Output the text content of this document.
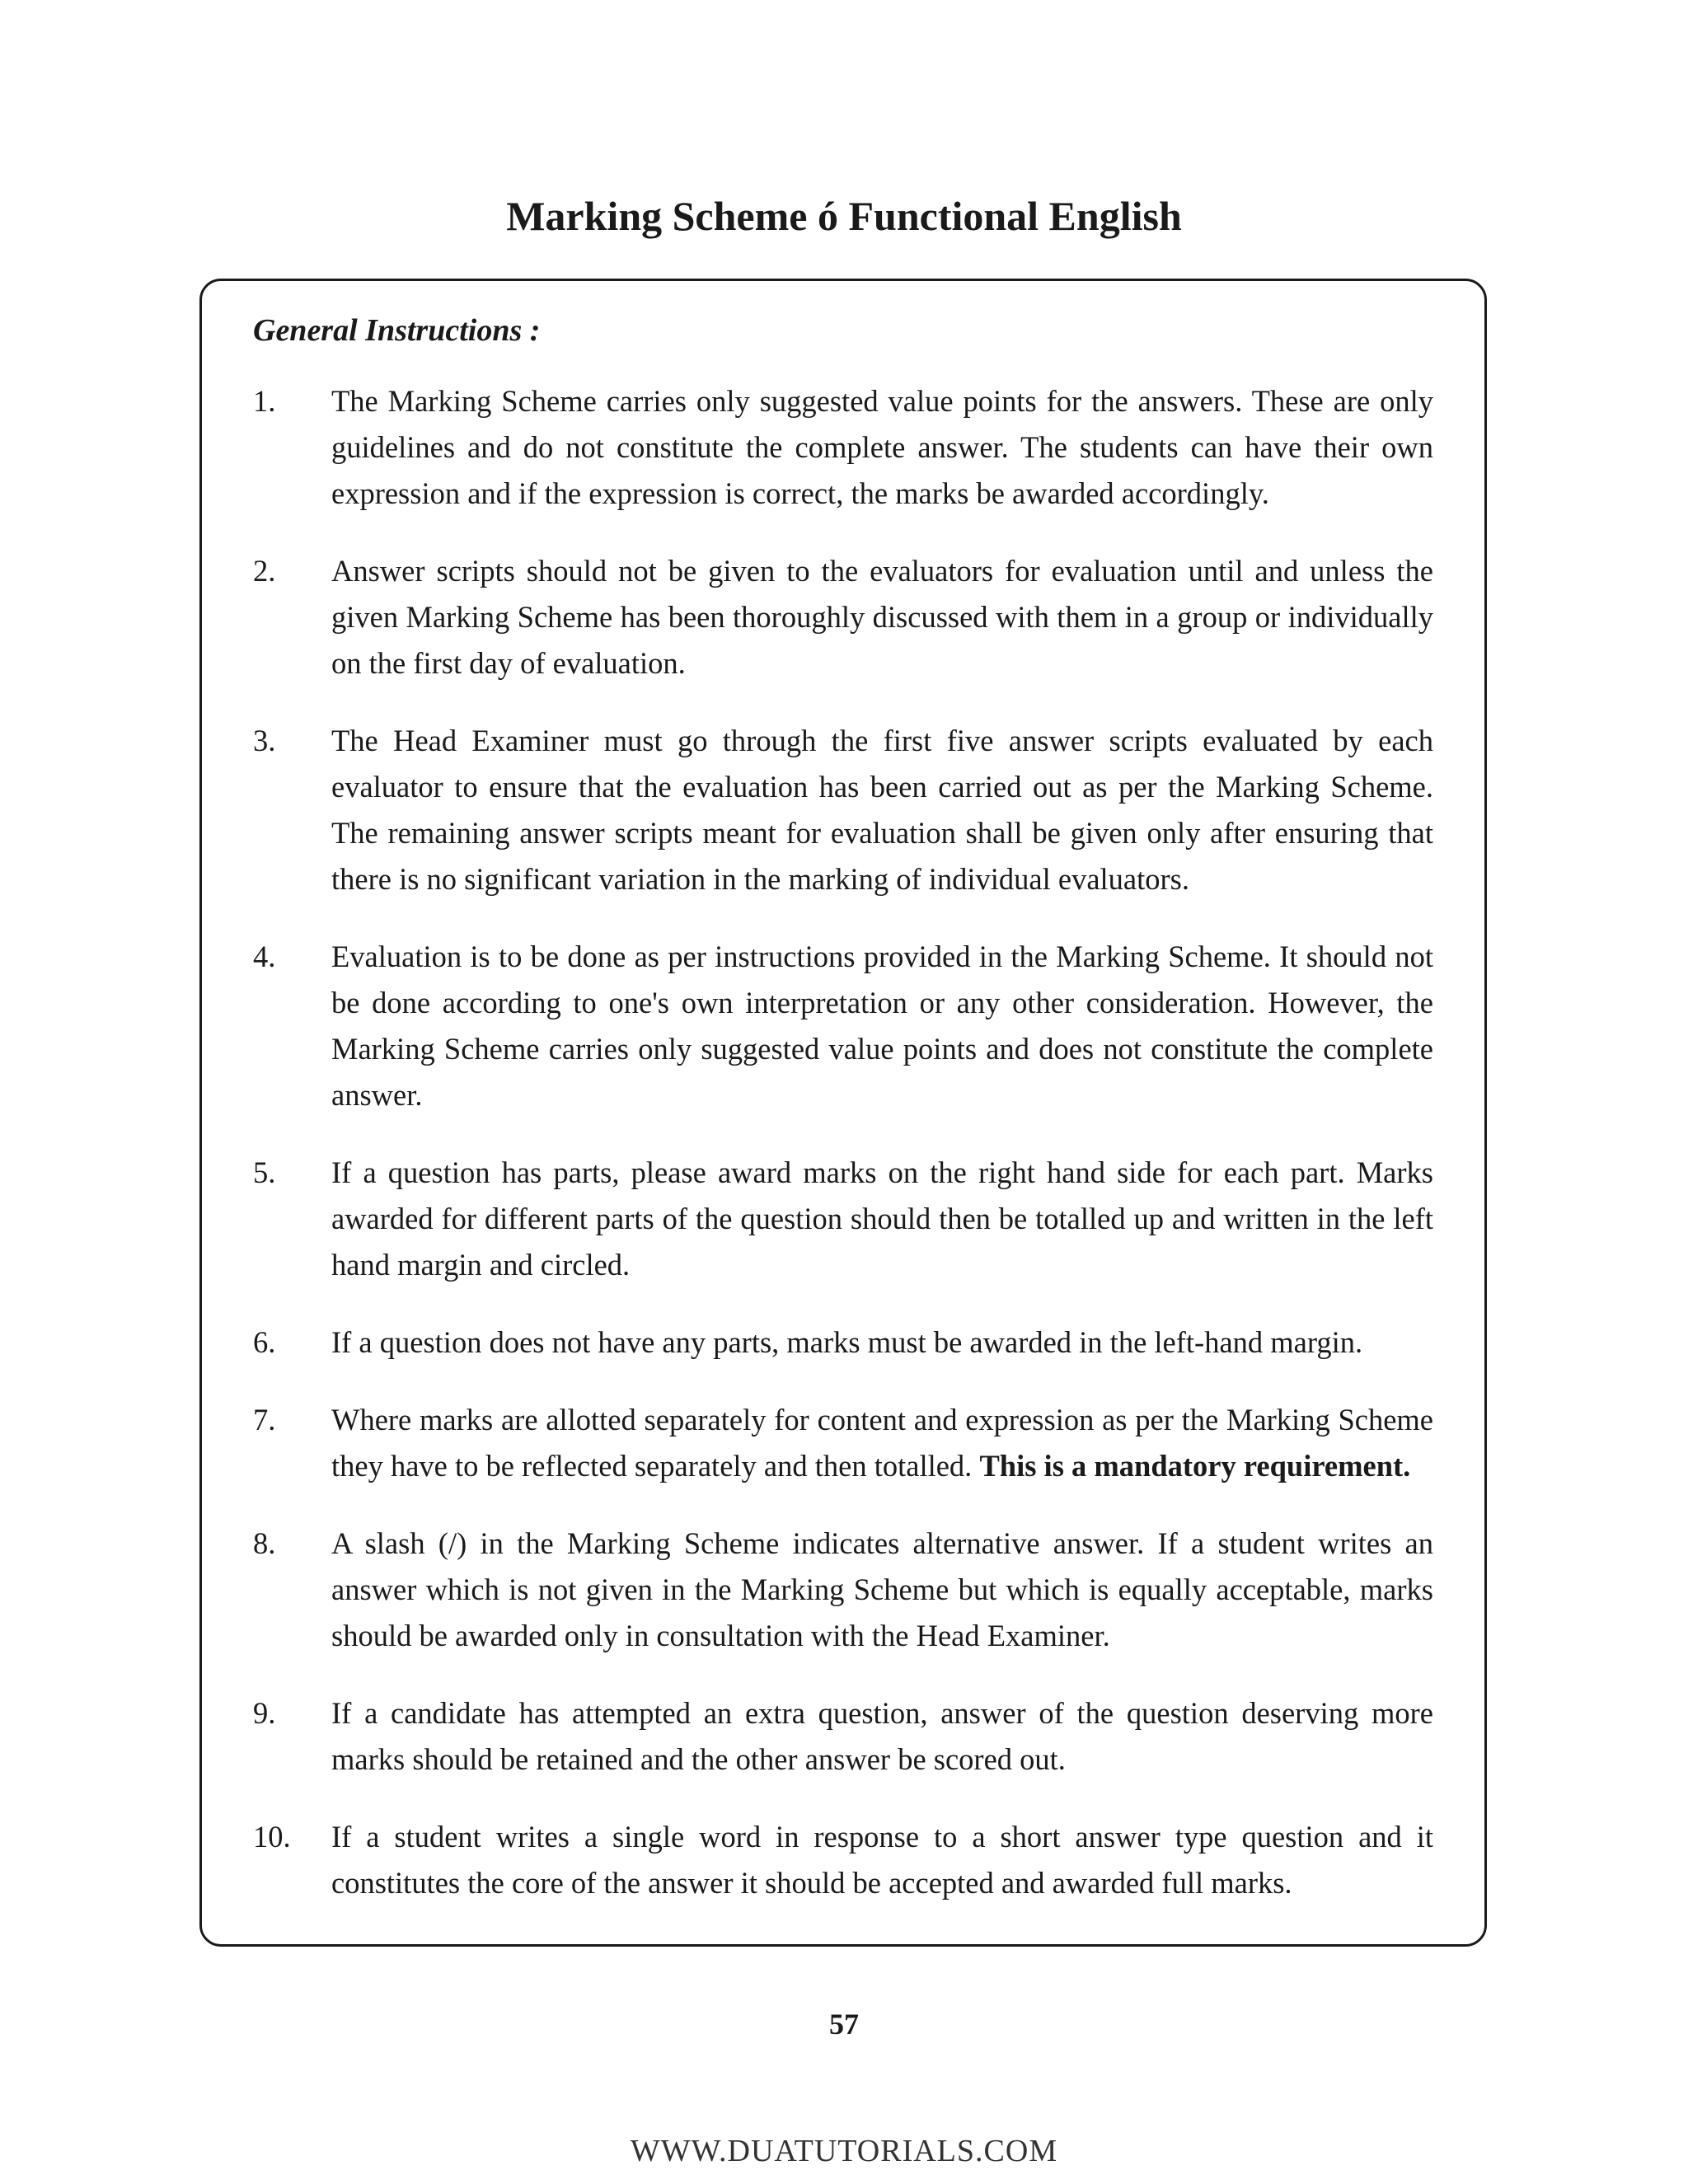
Marking Scheme ó Functional English

General Instructions :

1.	The Marking Scheme carries only suggested value points for the answers. These are only guidelines and do not constitute the complete answer. The students can have their own expression and if the expression is correct, the marks be awarded accordingly.
2.	Answer scripts should not be given to the evaluators for evaluation until and unless the given Marking Scheme has been thoroughly discussed with them in a group or individually on the first day of evaluation.
3.	The Head Examiner must go through the first five answer scripts evaluated by each evaluator to ensure that the evaluation has been carried out as per the Marking Scheme. The remaining answer scripts meant for evaluation shall be given only after ensuring that there is no significant variation in the marking of individual evaluators.
4.	Evaluation is to be done as per instructions provided in the Marking Scheme. It should not be done according to one's own interpretation or any other consideration. However, the Marking Scheme carries only suggested value points and does not constitute the complete answer.
5.	If a question has parts, please award marks on the right hand side for each part. Marks awarded for different parts of the question should then be totalled up and written in the left hand margin and circled.
6.	If a question does not have any parts, marks must be awarded in the left-hand margin.
7.	Where marks are allotted separately for content and expression as per the Marking Scheme they have to be reflected separately and then totalled. This is a mandatory requirement.
8.	A slash (/) in the Marking Scheme indicates alternative answer. If a student writes an answer which is not given in the Marking Scheme but which is equally acceptable, marks should be awarded only in consultation with the Head Examiner.
9.	If a candidate has attempted an extra question, answer of the question deserving more marks should be retained and the other answer be scored out.
10.	If a student writes a single word in response to a short answer type question and it constitutes the core of the answer it should be accepted and awarded full marks.
57
WWW.DUATUTORIALS.COM
